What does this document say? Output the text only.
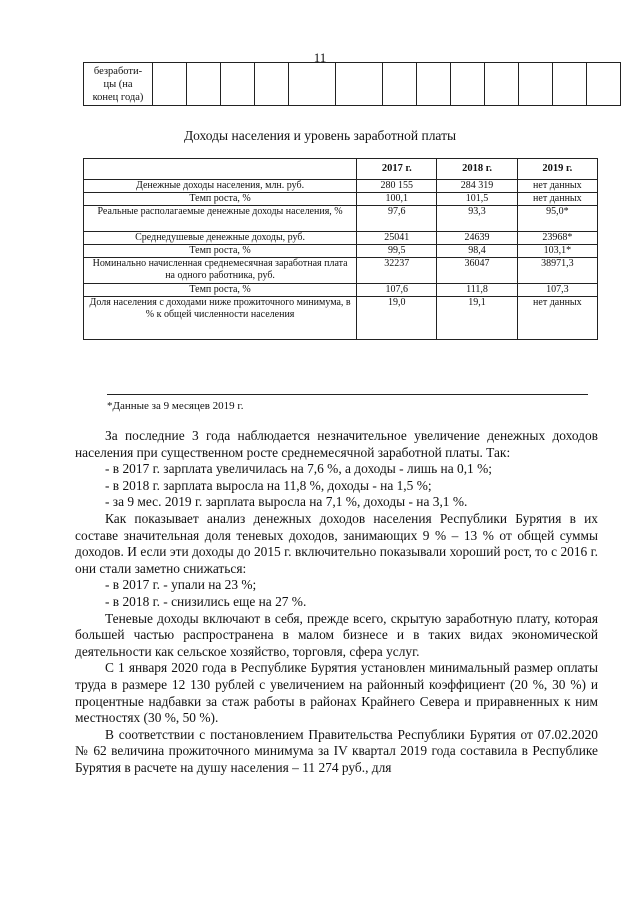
11
безработи-
цы (на
конец года)													
Доходы населения и уровень заработной платы
	2017 г.	2018 г.	2019 г.
Денежные доходы населения, млн. руб.	280 155	284 319	нет данных
Темп роста, %	100,1	101,5	нет данных
Реальные располагаемые денежные доходы населения, %	97,6	93,3	95,0*
Среднедушевые денежные доходы, руб.	25041	24639	23968*
Темп роста, %	99,5	98,4	103,1*
Номинально начисленная среднемесячная заработная плата на одного работника, руб.	32237	36047	38971,3
Темп роста, %	107,6	111,8	107,3
Доля населения с доходами ниже прожиточного минимума, в % к общей численности населения	19,0	19,1	нет данных
*Данные за 9 месяцев 2019 г.

За последние 3 года наблюдается незначительное увеличение денежных доходов населения при существенном росте среднемесячной заработной платы. Так:

- в 2017 г. зарплата увеличилась на 7,6 %, а доходы - лишь на 0,1 %;

- в 2018 г. зарплата выросла на 11,8 %, доходы - на 1,5 %;

- за 9 мес. 2019 г. зарплата выросла на 7,1 %, доходы - на 3,1 %.

Как показывает анализ денежных доходов населения Республики Бурятия в их составе значительная доля теневых доходов, занимающих 9 % – 13 % от общей суммы доходов. И если эти доходы до 2015 г. включительно показывали хороший рост, то с 2016 г. они стали заметно снижаться:

- в 2017 г. - упали на 23 %;

- в 2018 г. - снизились еще на 27 %.

Теневые доходы включают в себя, прежде всего, скрытую заработную плату, которая большей частью распространена в малом бизнесе и в таких видах экономической деятельности как сельское хозяйство, торговля, сфера услуг.

С 1 января 2020 года в Республике Бурятия установлен минимальный размер оплаты труда в размере 12 130 рублей с увеличением на районный коэффициент (20 %, 30 %) и процентные надбавки за стаж работы в районах Крайнего Севера и приравненных к ним местностях (30 %, 50 %).

В соответствии с постановлением Правительства Республики Бурятия от 07.02.2020 № 62 величина прожиточного минимума за IV квартал 2019 года составила в Республике Бурятия в расчете на душу населения – 11 274 руб., для
